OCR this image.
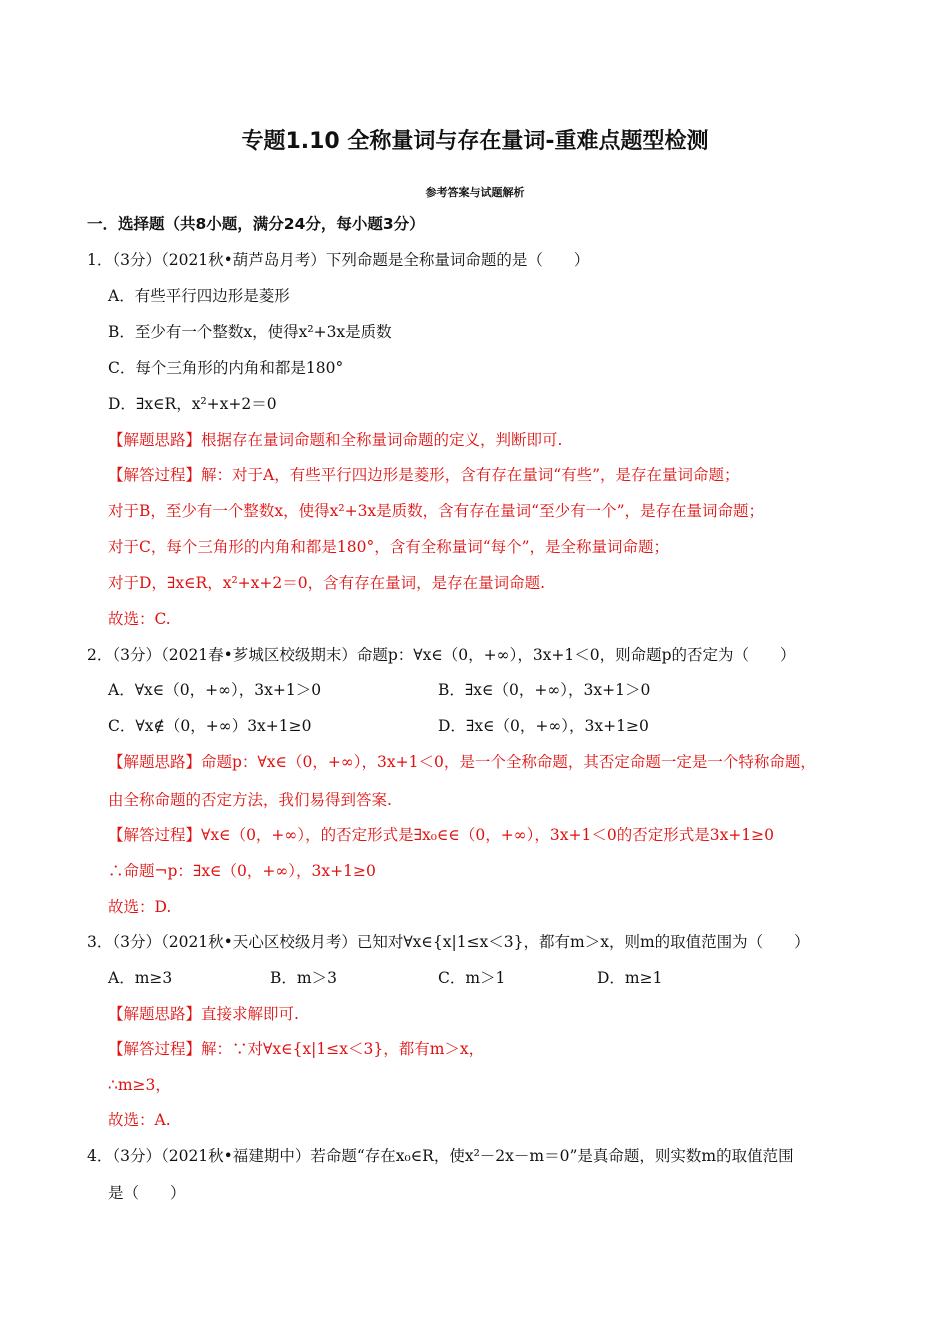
专题1.10 全称量词与存在量词-重难点题型检测
参考答案与试题解析
一．选择题（共8小题，满分24分，每小题3分）
1．（3分）（2021秋•葫芦岛月考）下列命题是全称量词命题的是（　　）
A．有些平行四边形是菱形
B．至少有一个整数x，使得x²+3x是质数
C．每个三角形的内角和都是180°
D．∃x∈R，x²+x+2＝0
【解题思路】根据存在量词命题和全称量词命题的定义，判断即可.
【解答过程】解：对于A，有些平行四边形是菱形，含有存在量词“有些”，是存在量词命题；
对于B，至少有一个整数x，使得x²+3x是质数，含有存在量词“至少有一个”，是存在量词命题；
对于C，每个三角形的内角和都是180°，含有全称量词“每个”，是全称量词命题；
对于D，∃x∈R，x²+x+2＝0，含有存在量词，是存在量词命题.
故选：C.
2．（3分）（2021春•芗城区校级期末）命题p：∀x∈（0，+∞），3x+1＜0，则命题p的否定为（　　）
A．∀x∈（0，+∞），3x+1＞0	B．∃x∈（0，+∞），3x+1＞0
C．∀x∉（0，+∞）3x+1≥0	D．∃x∈（0，+∞），3x+1≥0
【解题思路】命题p：∀x∈（0，+∞），3x+1＜0，是一个全称命题，其否定命题一定是一个特称命题，
由全称命题的否定方法，我们易得到答案.
【解答过程】∀x∈（0，+∞），的否定形式是∃x₀∈∈（0，+∞），3x+1＜0的否定形式是3x+1≥0
∴命题¬p：∃x∈（0，+∞），3x+1≥0
故选：D.
3．（3分）（2021秋•天心区校级月考）已知对∀x∈{x|1≤x＜3}，都有m＞x，则m的取值范围为（　　）
A．m≥3	B．m＞3	C．m＞1	D．m≥1
【解题思路】直接求解即可.
【解答过程】解：∵对∀x∈{x|1≤x＜3}，都有m＞x，
∴m≥3，
故选：A.
4．（3分）（2021秋•福建期中）若命题“存在x₀∈R，使x²－2x－m＝0”是真命题，则实数m的取值范围
是（　　）
